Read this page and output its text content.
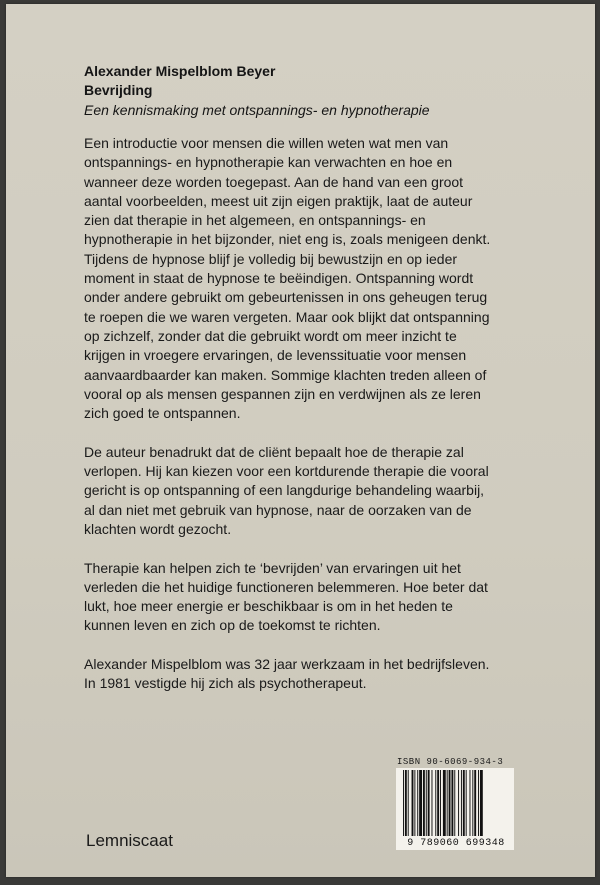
Alexander Mispelblom Beyer
Bevrijding
Een kennismaking met ontspannings- en hypnotherapie

Een introductie voor mensen die willen weten wat men van ontspannings- en hypnotherapie kan verwachten en hoe en wanneer deze worden toegepast. Aan de hand van een groot aantal voorbeelden, meest uit zijn eigen praktijk, laat de auteur zien dat therapie in het algemeen, en ontspannings- en hypnotherapie in het bijzonder, niet eng is, zoals menigeen denkt. Tijdens de hypnose blijf je volledig bij bewustzijn en op ieder moment in staat de hypnose te beëindigen. Ontspanning wordt onder andere gebruikt om gebeurtenissen in ons geheugen terug te roepen die we waren vergeten. Maar ook blijkt dat ontspanning op zichzelf, zonder dat die gebruikt wordt om meer inzicht te krijgen in vroegere ervaringen, de levenssituatie voor mensen aanvaardbaarder kan maken. Sommige klachten treden alleen of vooral op als mensen gespannen zijn en verdwijnen als ze leren zich goed te ontspannen.

De auteur benadrukt dat de cliënt bepaalt hoe de therapie zal verlopen. Hij kan kiezen voor een kortdurende therapie die vooral gericht is op ontspanning of een langdurige behandeling waarbij, al dan niet met gebruik van hypnose, naar de oorzaken van de klachten wordt gezocht.

Therapie kan helpen zich te ‘bevrijden’ van ervaringen uit het verleden die het huidige functioneren belemmeren. Hoe beter dat lukt, hoe meer energie er beschikbaar is om in het heden te kunnen leven en zich op de toekomst te richten.

Alexander Mispelblom was 32 jaar werkzaam in het bedrijfsleven. In 1981 vestigde hij zich als psychotherapeut.

ISBN 90-6069-934-3
9 789060 699348
Lemniscaat
